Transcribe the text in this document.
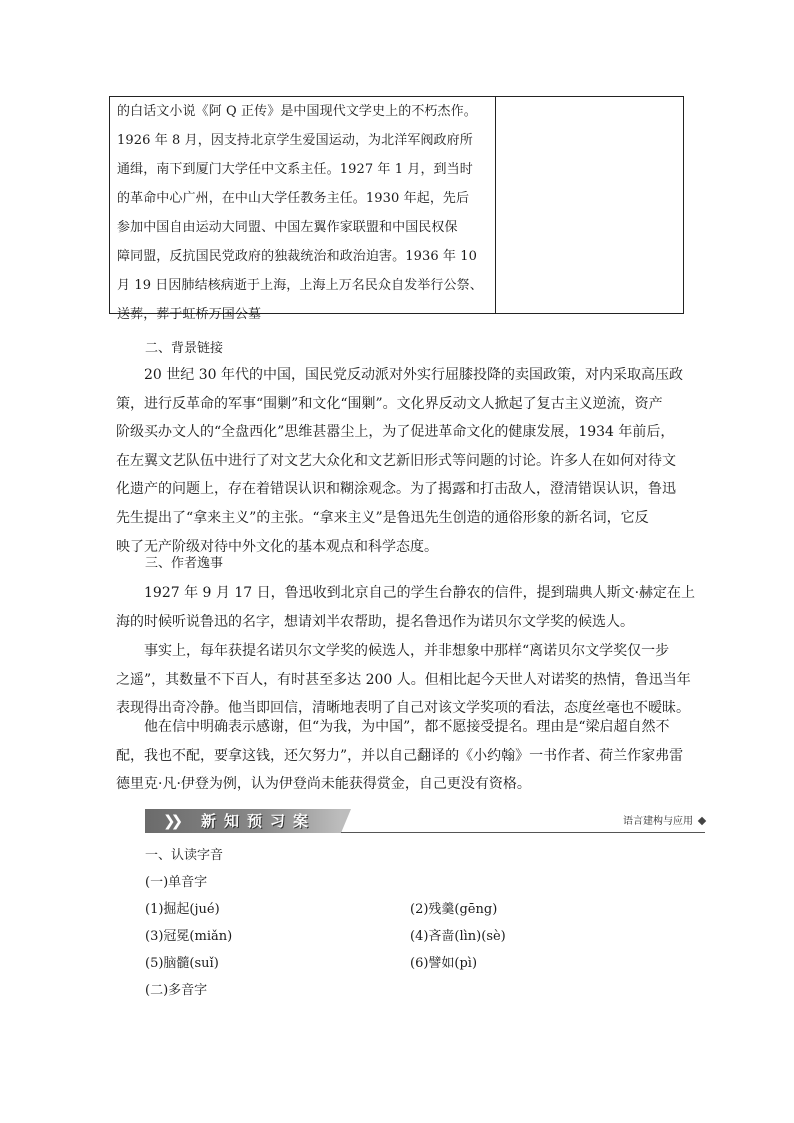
的白话文小说《阿 Q 正传》是中国现代文学史上的不朽杰作。
1926 年 8 月，因支持北京学生爱国运动，为北洋军阀政府所
通缉，南下到厦门大学任中文系主任。1927 年 1 月，到当时
的革命中心广州，在中山大学任教务主任。1930 年起，先后
参加中国自由运动大同盟、中国左翼作家联盟和中国民权保
障同盟，反抗国民党政府的独裁统治和政治迫害。1936 年 10
月 19 日因肺结核病逝于上海，上海上万名民众自发举行公祭、
送葬，葬于虹桥万国公墓
二、背景链接
20 世纪 30 年代的中国，国民党反动派对外实行屈膝投降的卖国政策，对内采取高压政
策，进行反革命的军事“围剿”和文化“围剿”。文化界反动文人掀起了复古主义逆流，资产
阶级买办文人的“全盘西化”思维甚嚣尘上，为了促进革命文化的健康发展，1934 年前后，
在左翼文艺队伍中进行了对文艺大众化和文艺新旧形式等问题的讨论。许多人在如何对待文
化遗产的问题上，存在着错误认识和糊涂观念。为了揭露和打击敌人，澄清错误认识，鲁迅
先生提出了“拿来主义”的主张。“拿来主义”是鲁迅先生创造的通俗形象的新名词，它反
映了无产阶级对待中外文化的基本观点和科学态度。
三、作者逸事
1927 年 9 月 17 日，鲁迅收到北京自己的学生台静农的信件，提到瑞典人斯文·赫定在上
海的时候听说鲁迅的名字，想请刘半农帮助，提名鲁迅作为诺贝尔文学奖的候选人。
事实上，每年获提名诺贝尔文学奖的候选人，并非想象中那样“离诺贝尔文学奖仅一步
之遥”，其数量不下百人，有时甚至多达 200 人。但相比起今天世人对诺奖的热情，鲁迅当年
表现得出奇冷静。他当即回信，清晰地表明了自己对该文学奖项的看法，态度丝毫也不暧昧。
他在信中明确表示感谢，但“为我，为中国”，都不愿接受提名。理由是“梁启超自然不
配，我也不配，要拿这钱，还欠努力”，并以自己翻译的《小约翰》一书作者、荷兰作家弗雷
德里克·凡·伊登为例，认为伊登尚未能获得赏金，自己更没有资格。
❯❯	新知预习案	语言建构与应用
一、认读字音
(一)单音字
(1)掘起(jué)	(2)残羹(gēng)
(3)冠冕(miǎn)	(4)吝啬(lìn)(sè)
(5)脑髓(suǐ)	(6)譬如(pì)
(二)多音字
